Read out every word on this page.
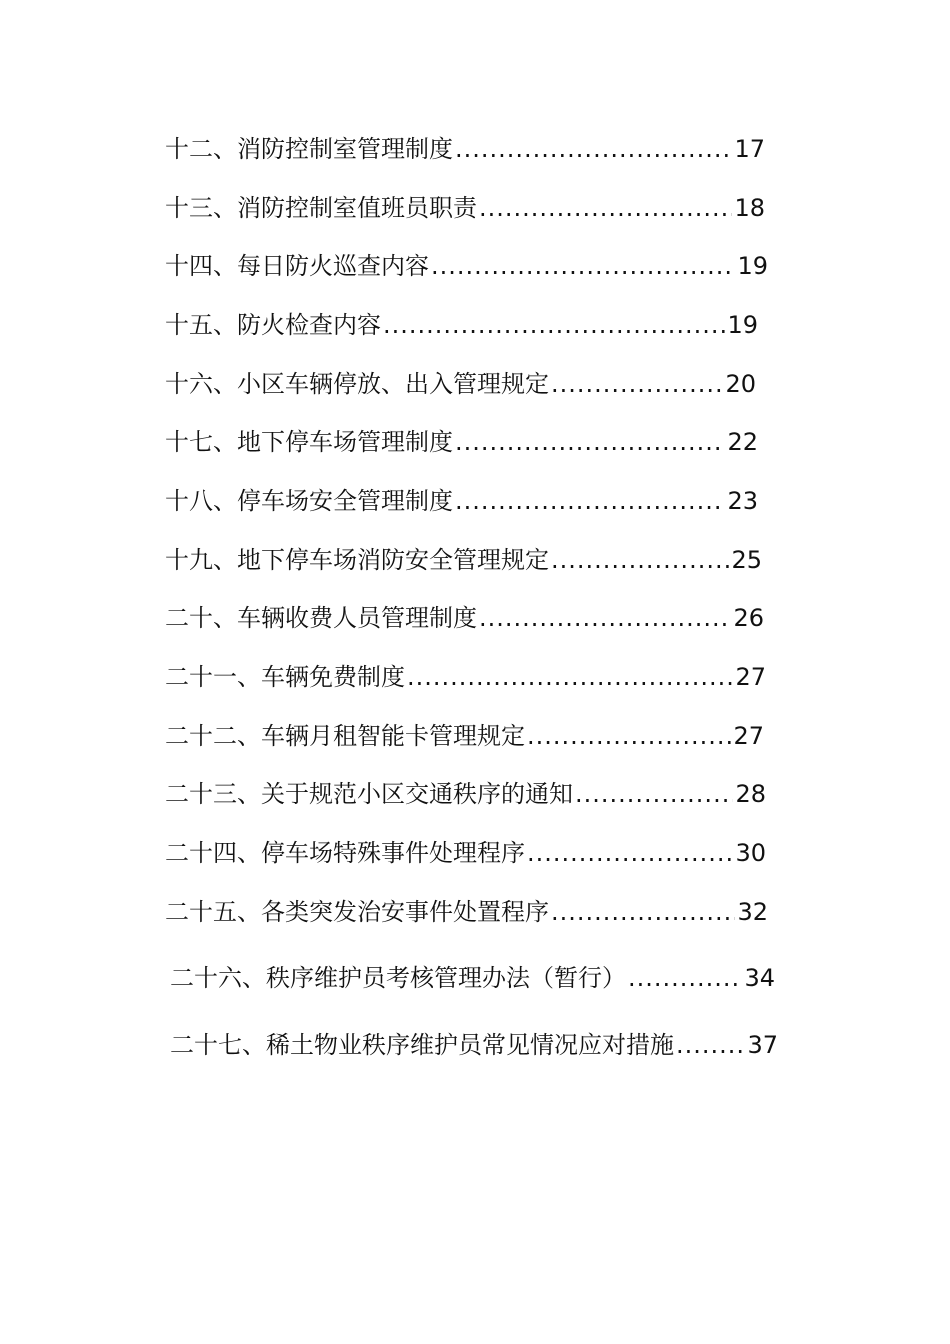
十二、消防控制室管理制度 .....	17
十三、消防控制室值班员职责 .....	18
十四、每日防火巡查内容 .....	19
十五、防火检查内容 .....	19
十六、小区车辆停放、出入管理规定 .....	20
十七、地下停车场管理制度 .....	22
十八、停车场安全管理制度 .....	23
十九、地下停车场消防安全管理规定 .....	25
二十、车辆收费人员管理制度 .....	26
二十一、车辆免费制度 .....	27
二十二、车辆月租智能卡管理规定 .....	27
二十三、关于规范小区交通秩序的通知 .....	28
二十四、停车场特殊事件处理程序 .....	30
二十五、各类突发治安事件处置程序 .....	32
二十六、秩序维护员考核管理办法（暂行） .....	34
二十七、稀土物业秩序维护员常见情况应对措施 .....	37
